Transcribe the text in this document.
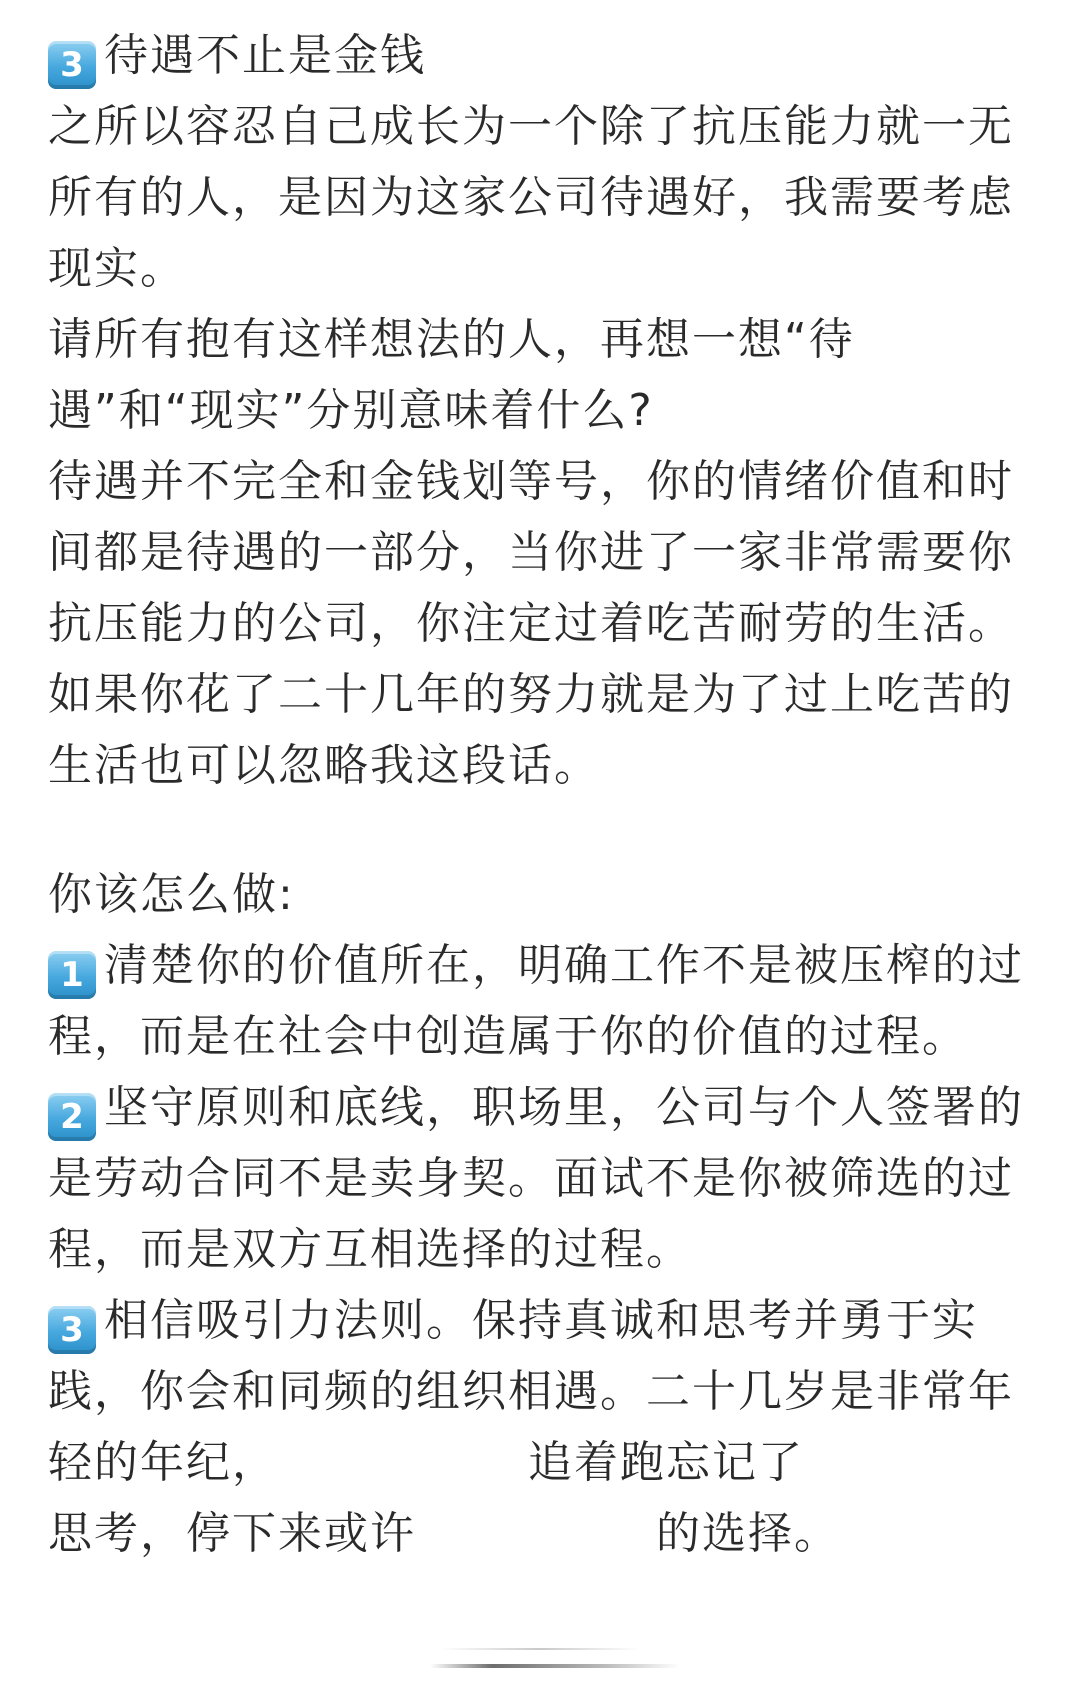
3 待遇不止是金钱

之所以容忍自己成长为一个除了抗压能力就一无所有的人，是因为这家公司待遇好，我需要考虑现实。

请所有抱有这样想法的人，再想一想“待遇”和“现实”分别意味着什么?

待遇并不完全和金钱划等号，你的情绪价值和时间都是待遇的一部分，当你进了一家非常需要你抗压能力的公司，你注定过着吃苦耐劳的生活。如果你花了二十几年的努力就是为了过上吃苦的生活也可以忽略我这段话。

你该怎么做:

1 清楚你的价值所在，明确工作不是被压榨的过程，而是在社会中创造属于你的价值的过程。

2 坚守原则和底线，职场里，公司与个人签署的是劳动合同不是卖身契。面试不是你被筛选的过程，而是双方互相选择的过程。

3 相信吸引力法则。保持真诚和思考并勇于实践，你会和同频的组织相遇。二十几岁是非常年轻的年纪，	追着跑忘记了
思考，停下来或许	的选择。
